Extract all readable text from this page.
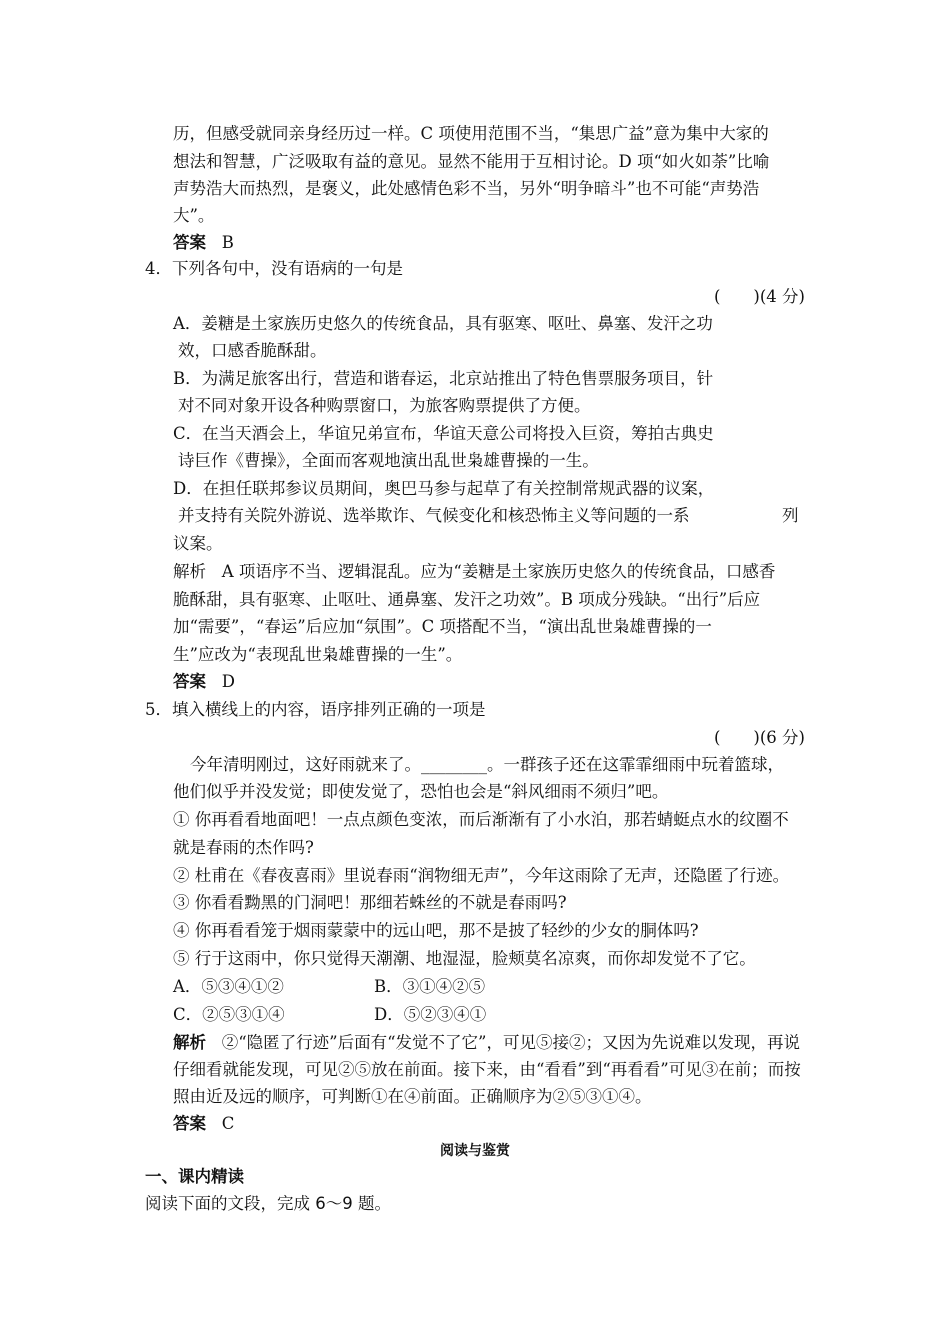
历，但感受就同亲身经历过一样。C 项使用范围不当，“集思广益”意为集中大家的
想法和智慧，广泛吸取有益的意见。显然不能用于互相讨论。D 项“如火如荼”比喻
声势浩大而热烈，是褒义，此处感情色彩不当，另外“明争暗斗”也不可能“声势浩
大”。
答案 B
4．下列各句中，没有语病的一句是
(　　)(4 分)
A．姜糖是土家族历史悠久的传统食品，具有驱寒、呕吐、鼻塞、发汗之功
效，口感香脆酥甜。
B．为满足旅客出行，营造和谐春运，北京站推出了特色售票服务项目，针
对不同对象开设各种购票窗口，为旅客购票提供了方便。
C．在当天酒会上，华谊兄弟宣布，华谊天意公司将投入巨资，筹拍古典史
诗巨作《曹操》，全面而客观地演出乱世枭雄曹操的一生。
D．在担任联邦参议员期间，奥巴马参与起草了有关控制常规武器的议案，
并支持有关院外游说、选举欺诈、气候变化和核恐怖主义等问题的一系	列
议案。
解析 A 项语序不当、逻辑混乱。应为“姜糖是土家族历史悠久的传统食品，口感香
脆酥甜，具有驱寒、止呕吐、通鼻塞、发汗之功效”。B 项成分残缺。“出行”后应
加“需要”，“春运”后应加“氛围”。C 项搭配不当，“演出乱世枭雄曹操的一
生”应改为“表现乱世枭雄曹操的一生”。
答案 D
5．填入横线上的内容，语序排列正确的一项是
(　　)(6 分)
今年清明刚过，这好雨就来了。________。一群孩子还在这霏霏细雨中玩着篮球，
他们似乎并没发觉；即使发觉了，恐怕也会是“斜风细雨不须归”吧。
① 你再看看地面吧！一点点颜色变浓，而后渐渐有了小水泊，那若蜻蜓点水的纹圈不
就是春雨的杰作吗?
② 杜甫在《春夜喜雨》里说春雨“润物细无声”，今年这雨除了无声，还隐匿了行迹。
③ 你看看黝黑的门洞吧！那细若蛛丝的不就是春雨吗?
④ 你再看看笼于烟雨蒙蒙中的远山吧，那不是披了轻纱的少女的胴体吗?
⑤ 行于这雨中，你只觉得天潮潮、地湿湿，脸颊莫名凉爽，而你却发觉不了它。
A．⑤③④①②	B．③①④②⑤
C．②⑤③①④	D．⑤②③④①
解析 ②“隐匿了行迹”后面有“发觉不了它”，可见⑤接②；又因为先说难以发现，再说
仔细看就能发现，可见②⑤放在前面。接下来，由“看看”到“再看看”可见③在前；而按
照由近及远的顺序，可判断①在④前面。正确顺序为②⑤③①④。
答案 C
阅读与鉴赏
一、课内精读
阅读下面的文段，完成 6～9 题。
